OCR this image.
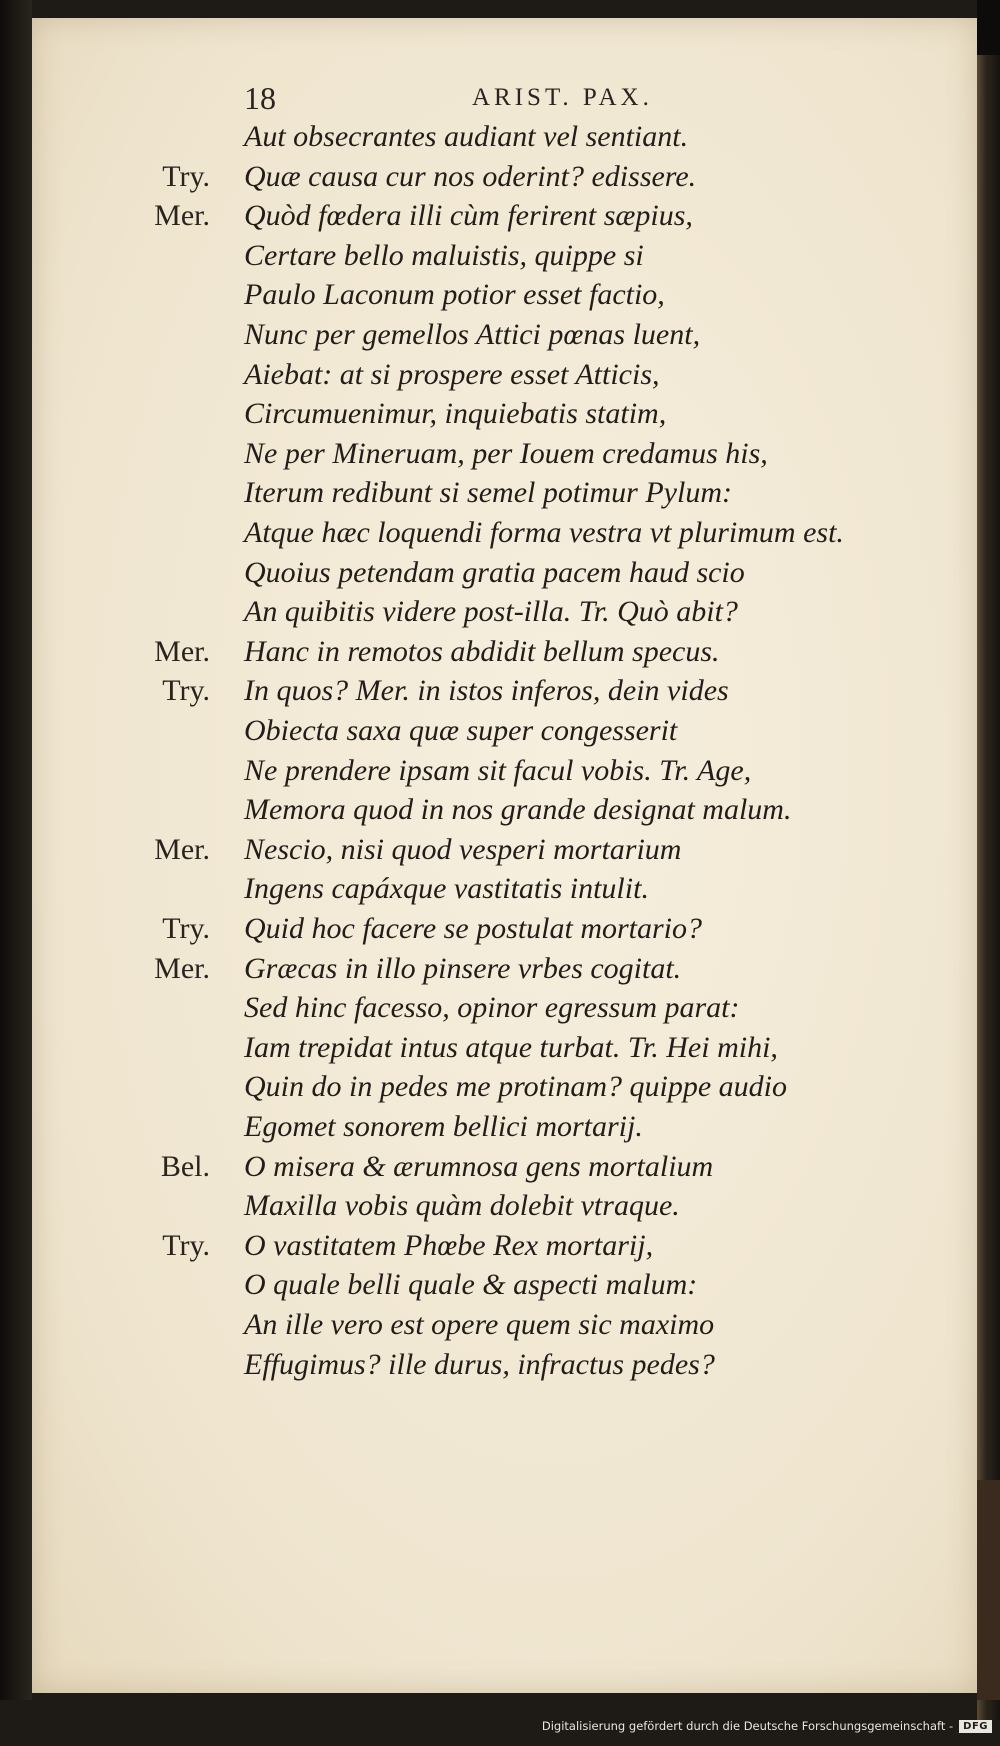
18	ARIST. PAX.
Aut obsecrantes audiant vel sentiant.
Try. Quæ causa cur nos oderint? edissere.
Mer. Quòd fœdera illi cùm ferirent sæpius,
Certare bello maluistis, quippe si
Paulo Laconum potior esset factio,
Nunc per gemellos Attici pœnas luent,
Aiebat: at si prospere esset Atticis,
Circumuenimur, inquiebatis statim,
Ne per Mineruam, per Iouem credamus his,
Iterum redibunt si semel potimur Pylum:
Atque hæc loquendi forma vestra vt plurimum est.
Quoius petendam gratia pacem haud scio
An quibitis videre post-illa. Tr. Quò abit?
Mer. Hanc in remotos abdidit bellum specus.
Try. In quos? Mer. in istos inferos, dein vides
Obiecta saxa quæ super congesserit
Ne prendere ipsam sit facul vobis. Tr. Age,
Memora quod in nos grande designat malum.
Mer. Nescio, nisi quod vesperi mortarium
Ingens capáxque vastitatis intulit.
Try. Quid hoc facere se postulat mortario?
Mer. Græcas in illo pinsere vrbes cogitat.
Sed hinc facesso, opinor egressum parat:
Iam trepidat intus atque turbat. Tr. Hei mihi,
Quin do in pedes me protinam? quippe audio
Egomet sonorem bellici mortarij.
Bel. O misera & ærumnosa gens mortalium
Maxilla vobis quàm dolebit vtraque.
Try. O vastitatem Phœbe Rex mortarij,
O quale belli quale & aspecti malum:
An ille vero est opere quem sic maximo
Effugimus? ille durus, infractus pedes?
Digitalisierung gefördert durch die Deutsche Forschungsgemeinschaft -	DFG
